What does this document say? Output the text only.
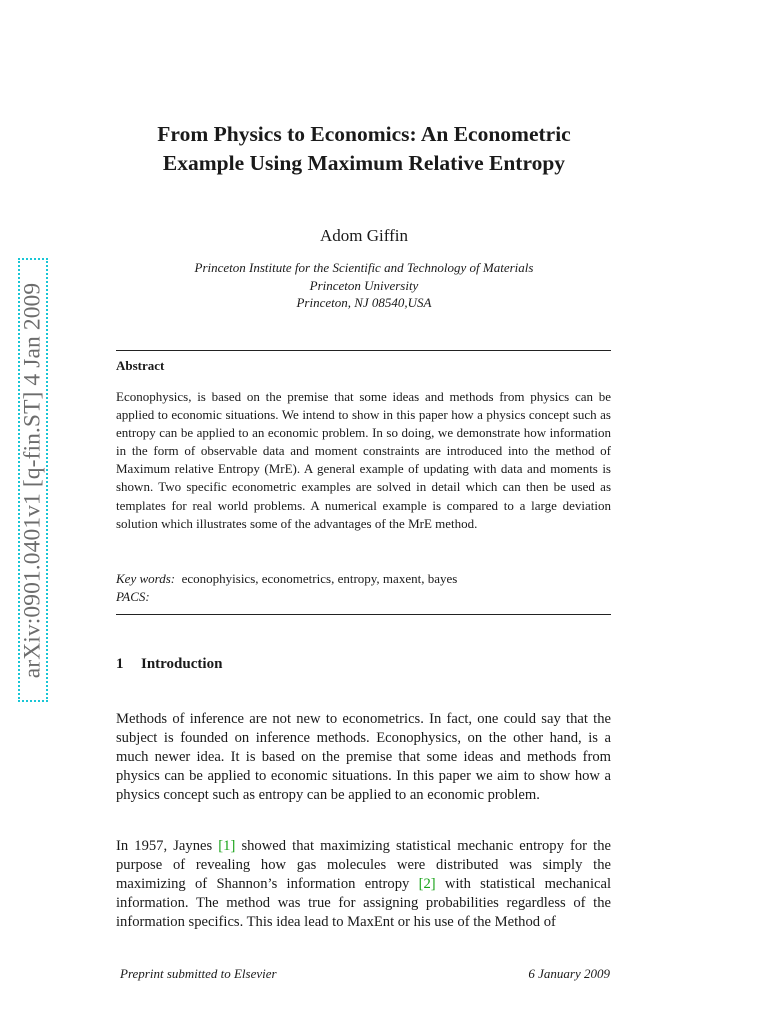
arXiv:0901.0401v1 [q-fin.ST] 4 Jan 2009
From Physics to Economics: An Econometric
Example Using Maximum Relative Entropy
Adom Giffin
Princeton Institute for the Scientific and Technology of Materials
Princeton University
Princeton, NJ 08540,USA
Abstract

Econophysics, is based on the premise that some ideas and methods from physics can be applied to economic situations. We intend to show in this paper how a physics concept such as entropy can be applied to an economic problem. In so doing, we demonstrate how information in the form of observable data and moment constraints are introduced into the method of Maximum relative Entropy (MrE). A general example of updating with data and moments is shown. Two specific econometric examples are solved in detail which can then be used as templates for real world problems. A numerical example is compared to a large deviation solution which illustrates some of the advantages of the MrE method.

Key words: econophyisics, econometrics, entropy, maxent, bayes
PACS:
1 Introduction

Methods of inference are not new to econometrics. In fact, one could say that the subject is founded on inference methods. Econophysics, on the other hand, is a much newer idea. It is based on the premise that some ideas and methods from physics can be applied to economic situations. In this paper we aim to show how a physics concept such as entropy can be applied to an economic problem.

In 1957, Jaynes [1] showed that maximizing statistical mechanic entropy for the purpose of revealing how gas molecules were distributed was simply the maximizing of Shannon’s information entropy [2] with statistical mechanical information. The method was true for assigning probabilities regardless of the information specifics. This idea lead to MaxEnt or his use of the Method of

Preprint submitted to Elsevier	6 January 2009
